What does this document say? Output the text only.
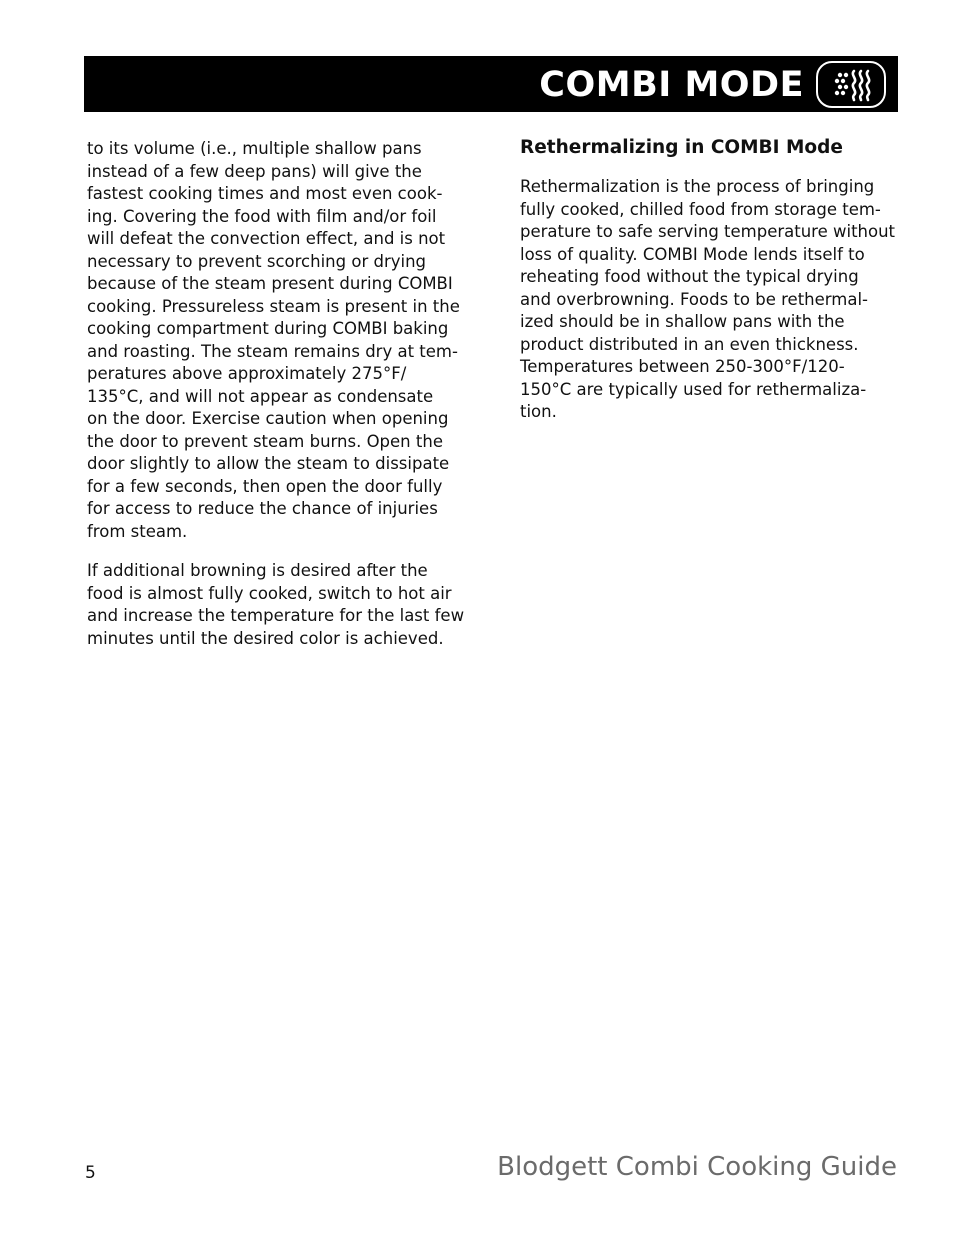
COMBI MODE

to its volume (i.e., multiple shallow pans
instead of a few deep pans) will give the
fastest cooking times and most even cook-
ing. Covering the food with film and/or foil
will defeat the convection effect, and is not
necessary to prevent scorching or drying
because of the steam present during COMBI
cooking. Pressureless steam is present in the
cooking compartment during COMBI baking
and roasting. The steam remains dry at tem-
peratures above approximately 275°F/
135°C, and will not appear as condensate
on the door. Exercise caution when opening
the door to prevent steam burns. Open the
door slightly to allow the steam to dissipate
for a few seconds, then open the door fully
for access to reduce the chance of injuries
from steam.

If additional browning is desired after the
food is almost fully cooked, switch to hot air
and increase the temperature for the last few
minutes until the desired color is achieved.

Rethermalizing in COMBI Mode

Rethermalization is the process of bringing
fully cooked, chilled food from storage tem-
perature to safe serving temperature without
loss of quality. COMBI Mode lends itself to
reheating food without the typical drying
and overbrowning. Foods to be rethermal-
ized should be in shallow pans with the
product distributed in an even thickness.
Temperatures between 250-300°F/120-
150°C are typically used for rethermaliza-
tion.

5	Blodgett Combi Cooking Guide
